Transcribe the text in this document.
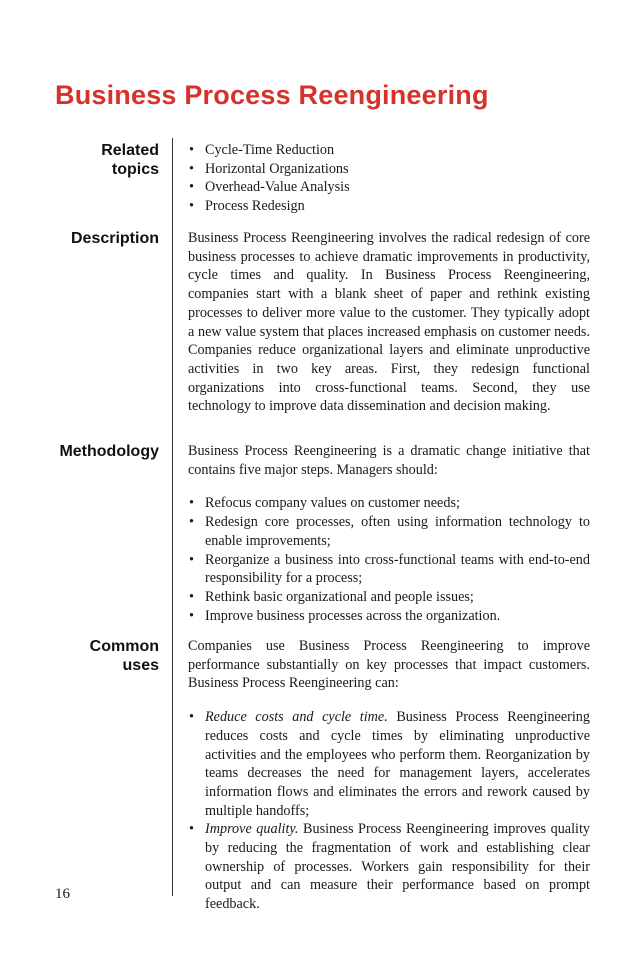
Business Process Reengineering
Related
topics
• Cycle-Time Reduction
• Horizontal Organizations
• Overhead-Value Analysis
• Process Redesign
Description Business Process Reengineering involves the radical redesign of core business processes to achieve dramatic improvements in productivity, cycle times and quality. In Business Process Reengineering, companies start with a blank sheet of paper and rethink existing processes to deliver more value to the customer. They typically adopt a new value system that places increased emphasis on customer needs. Companies reduce organizational layers and eliminate unproductive activities in two key areas. First, they redesign functional organizations into cross-functional teams. Second, they use technology to improve data dissemination and decision making.

Methodology Business Process Reengineering is a dramatic change initiative that contains five major steps. Managers should:

• Refocus company values on customer needs;
• Redesign core processes, often using information technology to enable improvements;
• Reorganize a business into cross-functional teams with end-to-end responsibility for a process;
• Rethink basic organizational and people issues;
• Improve business processes across the organization.
Common
uses

Companies use Business Process Reengineering to improve performance substantially on key processes that impact customers. Business Process Reengineering can:

• Reduce costs and cycle time. Business Process Reengineering reduces costs and cycle times by eliminating unproductive activities and the employees who perform them. Reorganization by teams decreases the need for management layers, accelerates information flows and eliminates the errors and rework caused by multiple handoffs;
• Improve quality. Business Process Reengineering improves quality by reducing the fragmentation of work and establishing clear ownership of processes. Workers gain responsibility for their output and can measure their performance based on prompt feedback.
16
